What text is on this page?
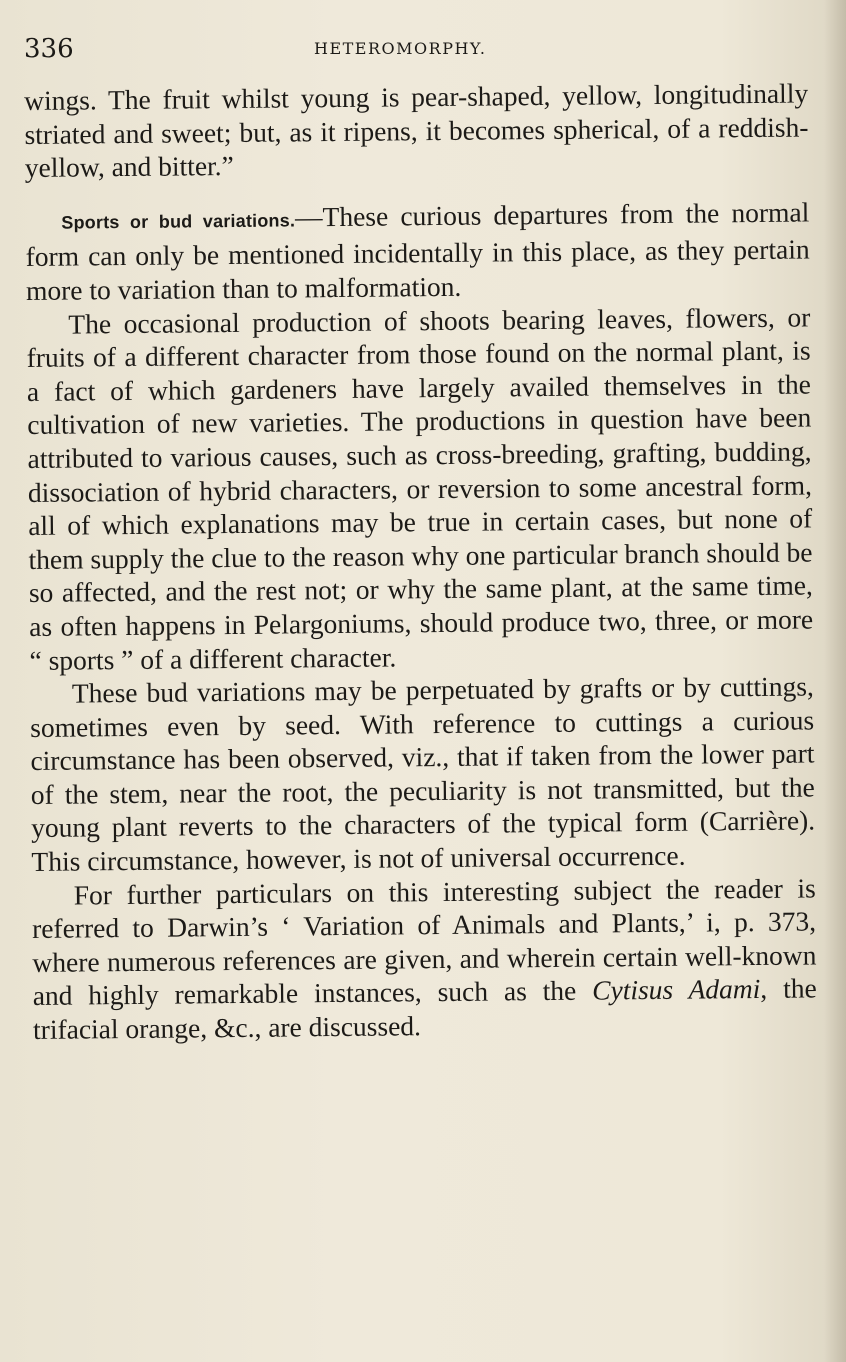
336	HETEROMORPHY.

wings. The fruit whilst young is pear-shaped, yellow, longitudinally striated and sweet; but, as it ripens, it becomes spherical, of a reddish-yellow, and bitter.”

Sports or bud variations.—These curious departures from the normal form can only be mentioned incidentally in this place, as they pertain more to variation than to malformation.

The occasional production of shoots bearing leaves, flowers, or fruits of a different character from those found on the normal plant, is a fact of which gardeners have largely availed themselves in the cultivation of new varieties. The productions in question have been attributed to various causes, such as cross-breeding, grafting, budding, dissociation of hybrid characters, or reversion to some ancestral form, all of which explanations may be true in certain cases, but none of them supply the clue to the reason why one particular branch should be so affected, and the rest not; or why the same plant, at the same time, as often happens in Pelargoniums, should produce two, three, or more “ sports ” of a different character.

These bud variations may be perpetuated by grafts or by cuttings, sometimes even by seed. With reference to cuttings a curious circumstance has been observed, viz., that if taken from the lower part of the stem, near the root, the peculiarity is not transmitted, but the young plant reverts to the characters of the typical form (Carrière). This circumstance, however, is not of universal occurrence.

For further particulars on this interesting subject the reader is referred to Darwin’s ‘ Variation of Animals and Plants,’ i, p. 373, where numerous references are given, and wherein certain well-known and highly remarkable instances, such as the Cytisus Adami, the trifacial orange, &c., are discussed.
